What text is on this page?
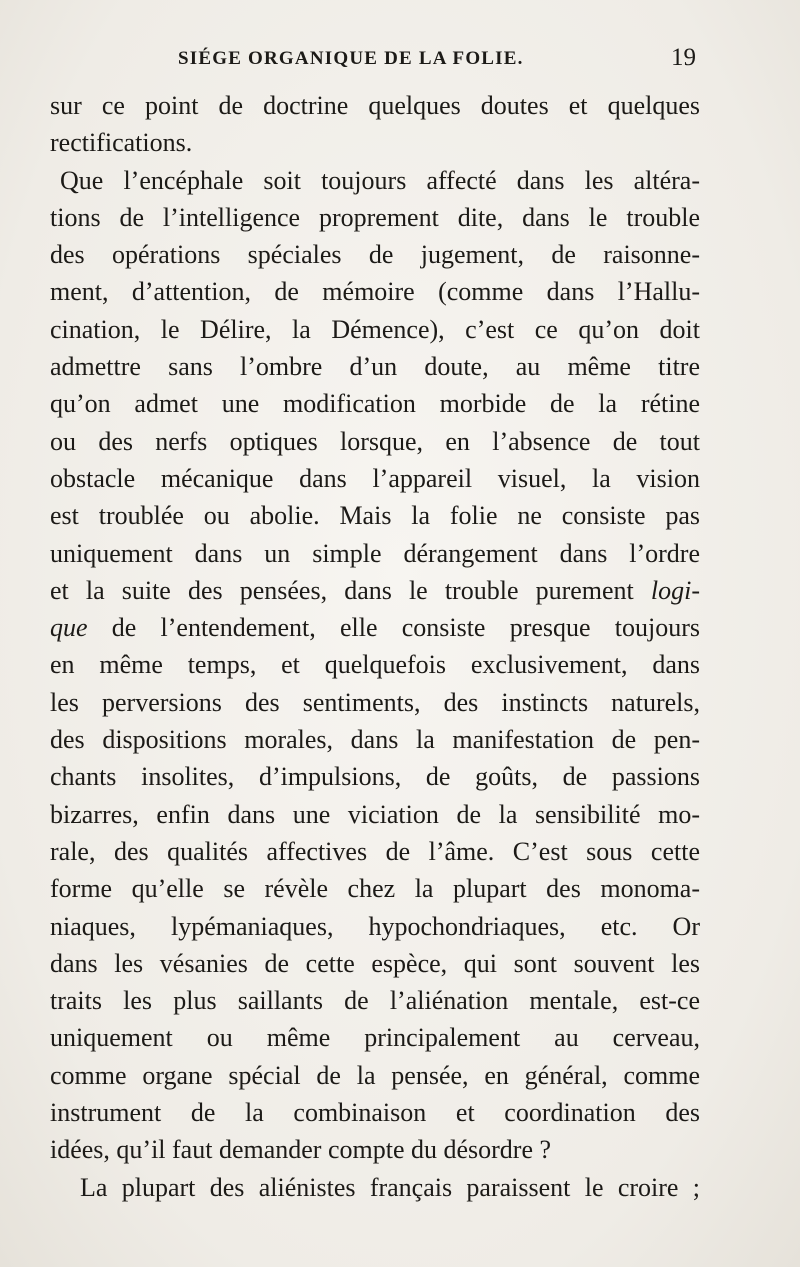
SIÉGE ORGANIQUE DE LA FOLIE.	19
sur ce point de doctrine quelques doutes et quelques
rectifications.
Que l’encéphale soit toujours affecté dans les altéra-
tions de l’intelligence proprement dite, dans le trouble
des opérations spéciales de jugement, de raisonne-
ment, d’attention, de mémoire (comme dans l’Hallu-
cination, le Délire, la Démence), c’est ce qu’on doit
admettre sans l’ombre d’un doute, au même titre
qu’on admet une modification morbide de la rétine
ou des nerfs optiques lorsque, en l’absence de tout
obstacle mécanique dans l’appareil visuel, la vision
est troublée ou abolie. Mais la folie ne consiste pas
uniquement dans un simple dérangement dans l’ordre
et la suite des pensées, dans le trouble purement logi-
que de l’entendement, elle consiste presque toujours
en même temps, et quelquefois exclusivement, dans
les perversions des sentiments, des instincts naturels,
des dispositions morales, dans la manifestation de pen-
chants insolites, d’impulsions, de goûts, de passions
bizarres, enfin dans une viciation de la sensibilité mo-
rale, des qualités affectives de l’âme. C’est sous cette
forme qu’elle se révèle chez la plupart des monoma-
niaques, lypémaniaques, hypochondriaques, etc. Or
dans les vésanies de cette espèce, qui sont souvent les
traits les plus saillants de l’aliénation mentale, est-ce
uniquement ou même principalement au cerveau,
comme organe spécial de la pensée, en général, comme
instrument de la combinaison et coordination des
idées, qu’il faut demander compte du désordre ?
La plupart des aliénistes français paraissent le croire ;
